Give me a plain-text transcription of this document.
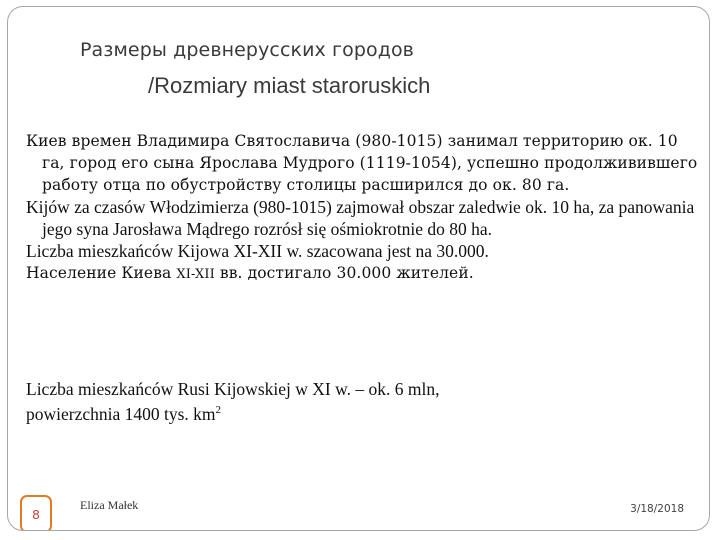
Размеры древнерусских городов
/Rozmiary miast staroruskich

Киев времен Владимира Святославича (980-1015) занимал территорию ок. 10 га, город его сына Ярослава Мудрого (1119-1054), успешно продолживившего работу отца по обустройству столицы расширился до ок. 80 га.

Kijów za czasów Włodzimierza (980-1015) zajmował obszar zaledwie ok. 10 ha, za panowania jego syna Jarosława Mądrego rozrósł się ośmiokrotnie do 80 ha.

Liczba mieszkańców Kijowa XI-XII w. szacowana jest na 30.000.

Население Киева XI-XII вв. достигало 30.000 жителей.

Liczba mieszkańców Rusi Kijowskiej w XI w. – ok. 6 mln,

powierzchnia 1400 tys. $km^2$

8
Eliza Małek	3/18/2018
